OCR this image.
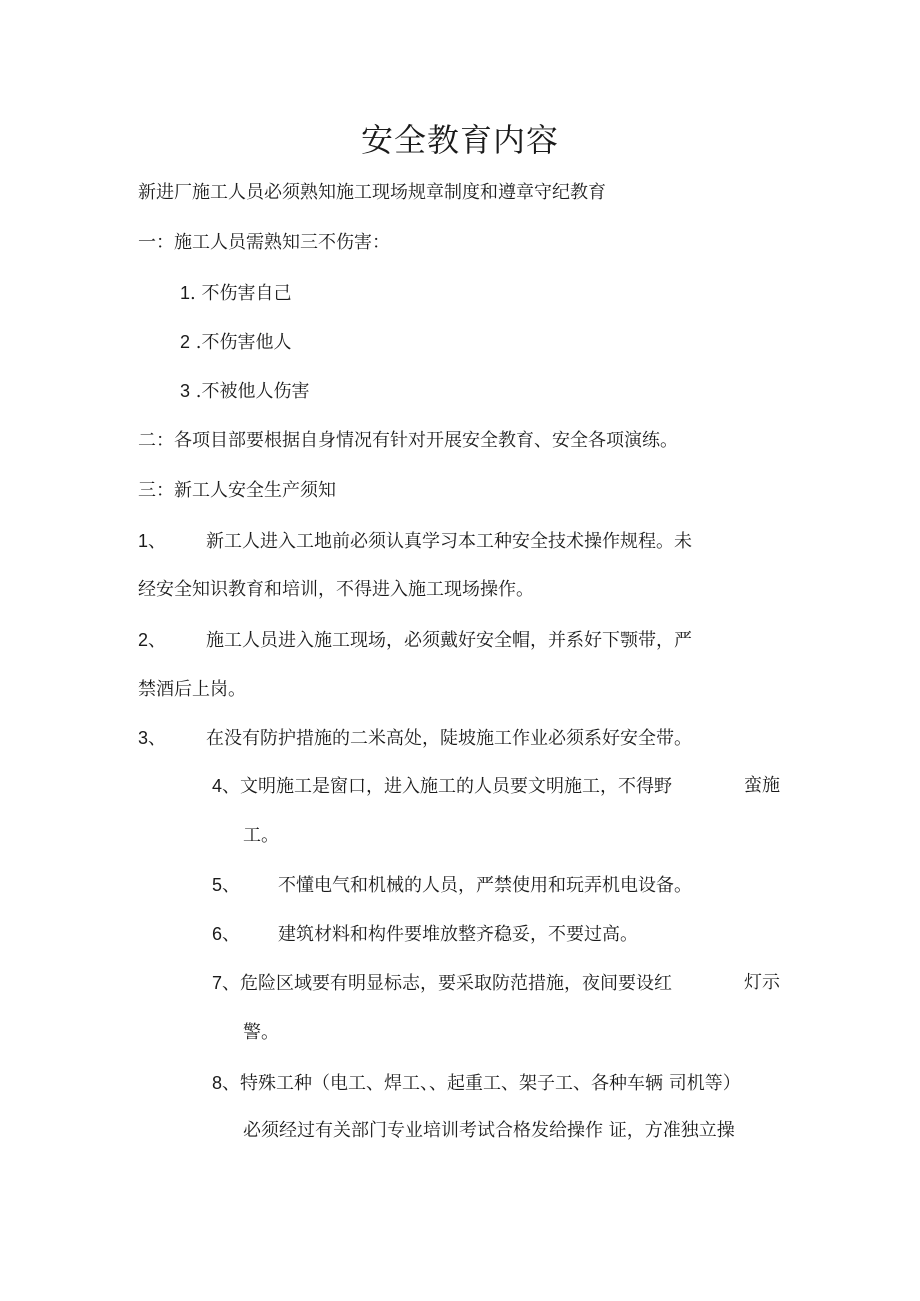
安全教育内容
新进厂施工人员必须熟知施工现场规章制度和遵章守纪教育
一：施工人员需熟知三不伤害：
1. 不伤害自己
2 .不伤害他人
3 .不被他人伤害
二：各项目部要根据自身情况有针对开展安全教育、安全各项演练。
三：新工人安全生产须知
1、 新工人进入工地前必须认真学习本工种安全技术操作规程。未
经安全知识教育和培训，不得进入施工现场操作。
2、 施工人员进入施工现场，必须戴好安全帽，并系好下颚带，严
禁酒后上岗。
3、 在没有防护措施的二米高处，陡坡施工作业必须系好安全带。
4、文明施工是窗口，进入施工的人员要文明施工，不得野	蛮施
工。
5、 不懂电气和机械的人员，严禁使用和玩弄机电设备。
6、 建筑材料和构件要堆放整齐稳妥，不要过高。
7、危险区域要有明显标志，要采取防范措施，夜间要设红	灯示
警。
8、特殊工种（电工、焊工、、起重工、架子工、各种车辆 司机等）
必须经过有关部门专业培训考试合格发给操作 证，方准独立操
